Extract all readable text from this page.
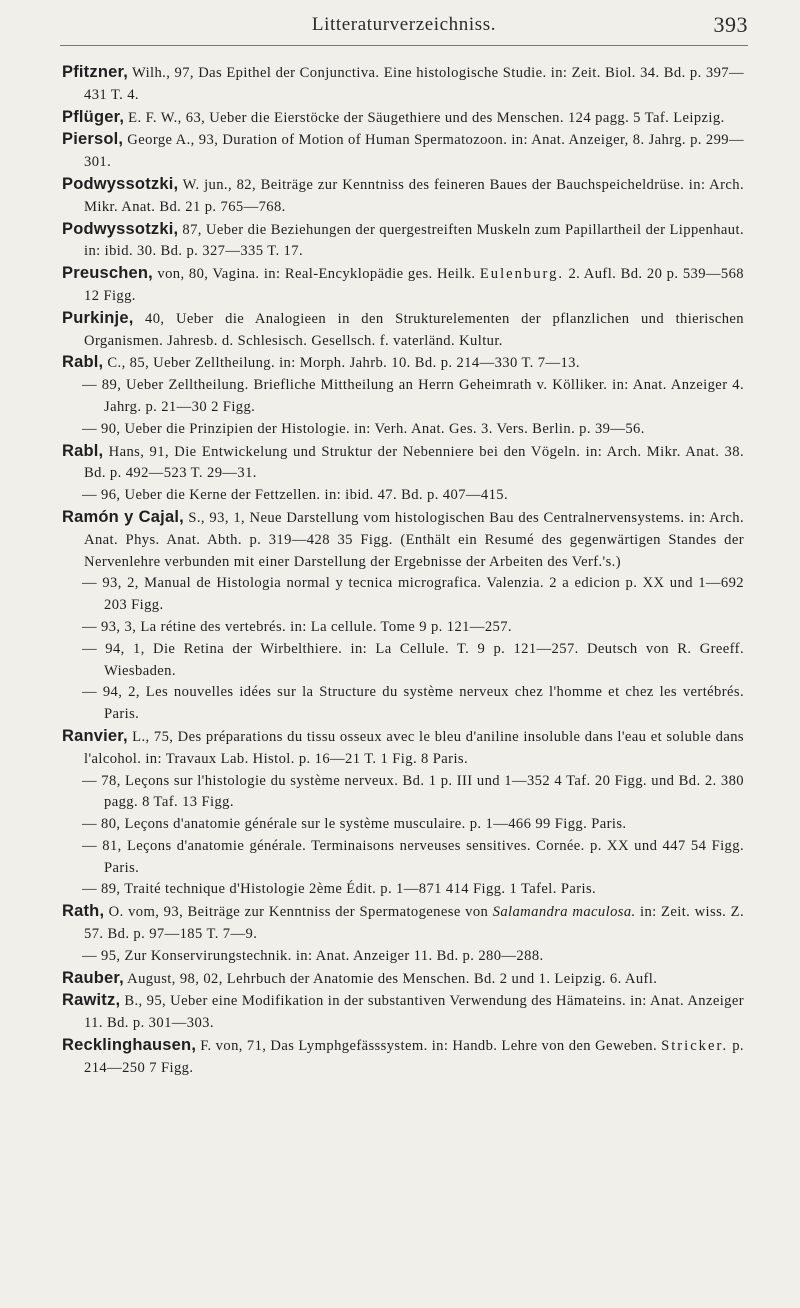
Litteraturverzeichniss.	393
Pfitzner, Wilh., 97, Das Epithel der Conjunctiva. Eine histologische Studie. in: Zeit. Biol. 34. Bd. p. 397—431 T. 4.
Pflüger, E. F. W., 63, Ueber die Eierstöcke der Säugethiere und des Menschen. 124 pagg. 5 Taf. Leipzig.
Piersol, George A., 93, Duration of Motion of Human Spermatozoon. in: Anat. Anzeiger, 8. Jahrg. p. 299—301.
Podwyssotzki, W. jun., 82, Beiträge zur Kenntniss des feineren Baues der Bauchspeicheldrüse. in: Arch. Mikr. Anat. Bd. 21 p. 765—768.
Podwyssotzki, 87, Ueber die Beziehungen der quergestreiften Muskeln zum Papillartheil der Lippenhaut. in: ibid. 30. Bd. p. 327—335 T. 17.
Preuschen, von, 80, Vagina. in: Real-Encyklopädie ges. Heilk. Eulenburg. 2. Aufl. Bd. 20 p. 539—568 12 Figg.
Purkinje, 40, Ueber die Analogieen in den Strukturelementen der pflanzlichen und thierischen Organismen. Jahresb. d. Schlesisch. Gesellsch. f. vaterländ. Kultur.
Rabl, C., 85, Ueber Zelltheilung. in: Morph. Jahrb. 10. Bd. p. 214—330 T. 7—13.
— 89, Ueber Zelltheilung. Briefliche Mittheilung an Herrn Geheimrath v. Kölliker. in: Anat. Anzeiger 4. Jahrg. p. 21—30 2 Figg.
— 90, Ueber die Prinzipien der Histologie. in: Verh. Anat. Ges. 3. Vers. Berlin. p. 39—56.
Rabl, Hans, 91, Die Entwickelung und Struktur der Nebenniere bei den Vögeln. in: Arch. Mikr. Anat. 38. Bd. p. 492—523 T. 29—31.
— 96, Ueber die Kerne der Fettzellen. in: ibid. 47. Bd. p. 407—415.
Ramón y Cajal, S., 93, 1, Neue Darstellung vom histologischen Bau des Centralnervensystems. in: Arch. Anat. Phys. Anat. Abth. p. 319—428 35 Figg. (Enthält ein Resumé des gegenwärtigen Standes der Nervenlehre verbunden mit einer Darstellung der Ergebnisse der Arbeiten des Verf.'s.)
— 93, 2, Manual de Histologia normal y tecnica micrografica. Valenzia. 2 a edicion p. XX und 1—692 203 Figg.
— 93, 3, La rétine des vertebrés. in: La cellule. Tome 9 p. 121—257.
— 94, 1, Die Retina der Wirbelthiere. in: La Cellule. T. 9 p. 121—257. Deutsch von R. Greeff. Wiesbaden.
— 94, 2, Les nouvelles idées sur la Structure du système nerveux chez l'homme et chez les vertébrés. Paris.
Ranvier, L., 75, Des préparations du tissu osseux avec le bleu d'aniline insoluble dans l'eau et soluble dans l'alcohol. in: Travaux Lab. Histol. p. 16—21 T. 1 Fig. 8 Paris.
— 78, Leçons sur l'histologie du système nerveux. Bd. 1 p. III und 1—352 4 Taf. 20 Figg. und Bd. 2. 380 pagg. 8 Taf. 13 Figg.
— 80, Leçons d'anatomie générale sur le système musculaire. p. 1—466 99 Figg. Paris.
— 81, Leçons d'anatomie générale. Terminaisons nerveuses sensitives. Cornée. p. XX und 447 54 Figg. Paris.
— 89, Traité technique d'Histologie 2ème Édit. p. 1—871 414 Figg. 1 Tafel. Paris.
Rath, O. vom, 93, Beiträge zur Kenntniss der Spermatogenese von Salamandra maculosa. in: Zeit. wiss. Z. 57. Bd. p. 97—185 T. 7—9.
— 95, Zur Konservirungstechnik. in: Anat. Anzeiger 11. Bd. p. 280—288.
Rauber, August, 98, 02, Lehrbuch der Anatomie des Menschen. Bd. 2 und 1. Leipzig. 6. Aufl.
Rawitz, B., 95, Ueber eine Modifikation in der substantiven Verwendung des Hämateins. in: Anat. Anzeiger 11. Bd. p. 301—303.
Recklinghausen, F. von, 71, Das Lymphgefässsystem. in: Handb. Lehre von den Geweben. Stricker. p. 214—250 7 Figg.
